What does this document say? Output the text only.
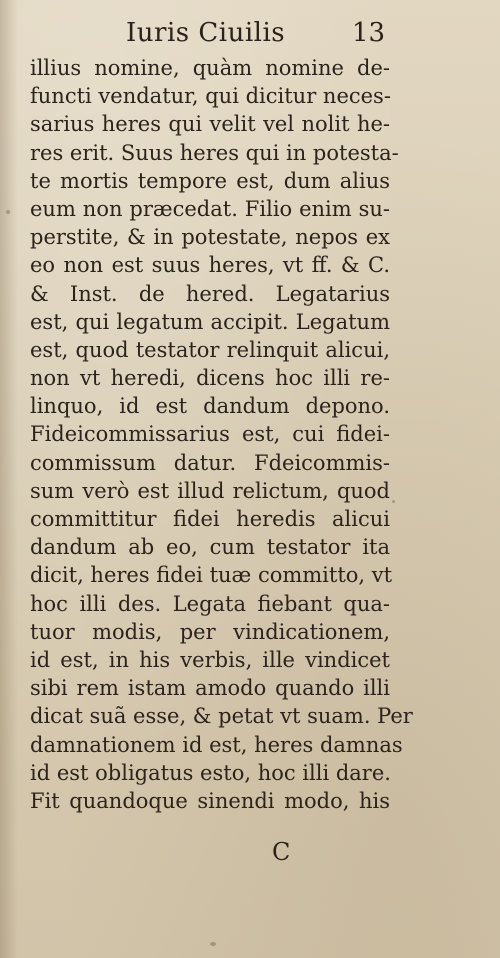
Iuris Ciuilis	13
illius nomine, quàm nomine de-
functi vendatur, qui dicitur neces-
sarius heres qui velit vel nolit he-
res erit. Suus heres qui in potesta-
te mortis tempore est, dum alius
eum non præcedat. Filio enim su-
perstite, & in potestate, nepos ex
eo non est suus heres, vt ff. & C.
& Inst. de hered. Legatarius
est, qui legatum accipit. Legatum
est, quod testator relinquit alicui,
non vt heredi, dicens hoc illi re-
linquo, id est dandum depono.
Fideicommissarius est, cui fidei-
commissum datur. Fdeicommis-
sum verò est illud relictum, quod
committitur fidei heredis alicui
dandum ab eo, cum testator ita
dicit, heres fidei tuæ committo, vt
hoc illi des. Legata fiebant qua-
tuor modis, per vindicationem,
id est, in his verbis, ille vindicet
sibi rem istam amodo quando illi
dicat suã esse, & petat vt suam. Per
damnationem id est, heres damnas
id est obligatus esto, hoc illi dare.
Fit quandoque sinendi modo, his
C
